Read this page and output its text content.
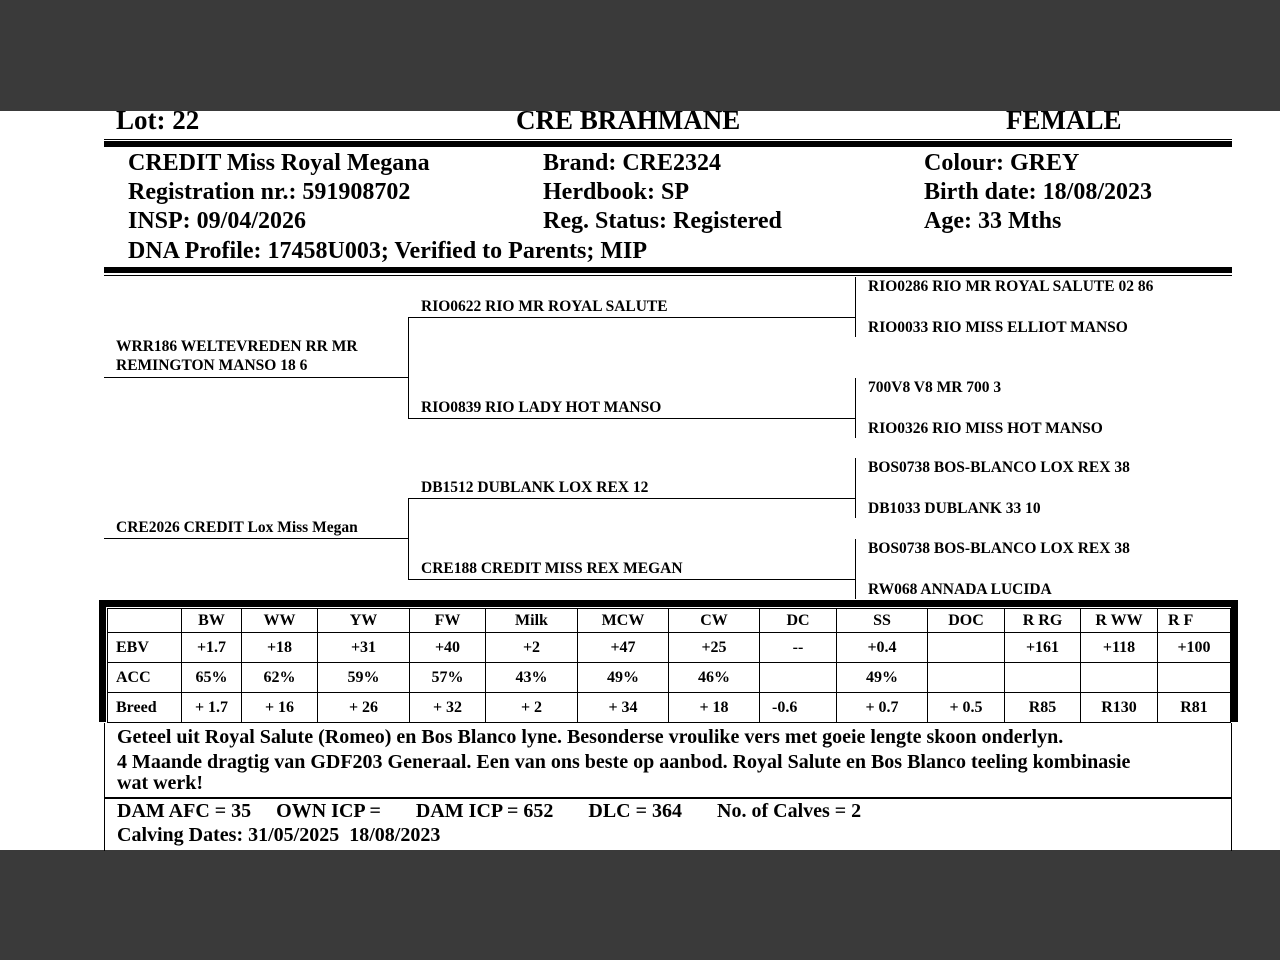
Lot: 22	CRE BRAHMANE	FEMALE
CREDIT Miss Royal Megana	Brand: CRE2324	Colour: GREY
Registration nr.: 591908702	Herdbook: SP	Birth date: 18/08/2023
INSP: 09/04/2026	Reg. Status: Registered	Age: 33 Mths
DNA Profile: 17458U003; Verified to Parents; MIP
WRR186 WELTEVREDEN RR MR
REMINGTON MANSO 18 6
CRE2026 CREDIT Lox Miss Megan
RIO0622 RIO MR ROYAL SALUTE
RIO0839 RIO LADY HOT MANSO
DB1512 DUBLANK LOX REX 12
CRE188 CREDIT MISS REX MEGAN
RIO0286 RIO MR ROYAL SALUTE 02 86
RIO0033 RIO MISS ELLIOT MANSO
700V8 V8 MR 700 3
RIO0326 RIO MISS HOT MANSO
BOS0738 BOS-BLANCO LOX REX 38
DB1033 DUBLANK 33 10
BOS0738 BOS-BLANCO LOX REX 38
RW068 ANNADA LUCIDA
	BW	WW	YW	FW	Milk	MCW	CW	DC	SS	DOC	R RG	R WW	R F
EBV	+1.7	+18	+31	+40	+2	+47	+25	--	+0.4		+161	+118	+100
ACC	65%	62%	59%	57%	43%	49%	46%		49%				
Breed	+ 1.7	+ 16	+ 26	+ 32	+ 2	+ 34	+ 18	-0.6	+ 0.7	+ 0.5	R85	R130	R81
Geteel uit Royal Salute (Romeo) en Bos Blanco lyne. Besonderse vroulike vers met goeie lengte skoon onderlyn.
4 Maande dragtig van GDF203 Generaal. Een van ons beste op aanbod. Royal Salute en Bos Blanco teeling kombinasie
wat werk!
DAM AFC = 35     OWN ICP =       DAM ICP = 652       DLC = 364       No. of Calves = 2
Calving Dates: 31/05/2025  18/08/2023
